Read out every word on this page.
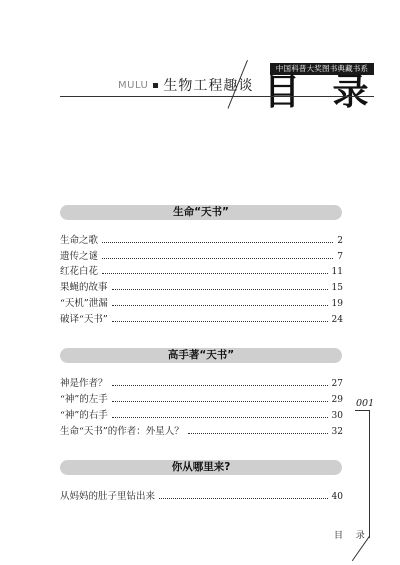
中国科普大奖图书典藏书系
MULU 生物工程趣谈 目 录
生命“天书”
生命之歌	2
遗传之谜	7
红花白花	11
果蝇的故事	15
“天机”泄漏	19
破译“天书”	24
高手著“天书”
神是作者？	27
“神”的左手	29
“神”的右手	30
生命“天书”的作者：外星人？	32
你从哪里来?
从妈妈的肚子里钻出来	40
001
目 录
